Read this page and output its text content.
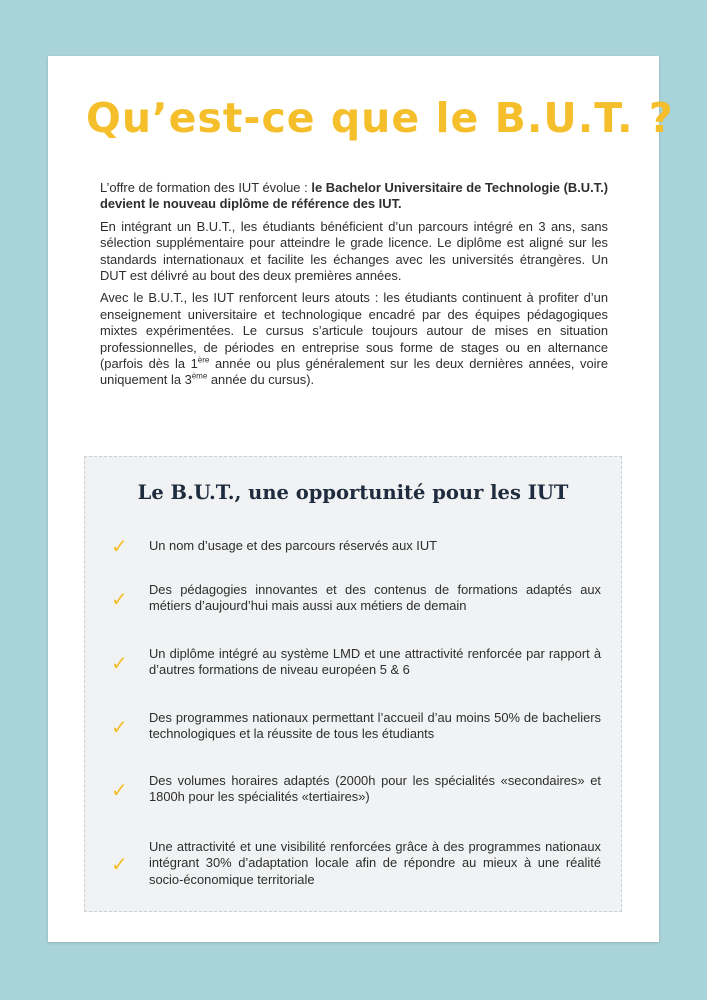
Qu’est-ce que le B.U.T. ?

L’offre de formation des IUT évolue : le Bachelor Universitaire de Technologie (B.U.T.) devient le nouveau diplôme de référence des IUT.

En intégrant un B.U.T., les étudiants bénéficient d’un parcours intégré en 3 ans, sans sélection supplémentaire pour atteindre le grade licence. Le diplôme est aligné sur les standards internationaux et facilite les échanges avec les universités étrangères. Un DUT est délivré au bout des deux premières années.

Avec le B.U.T., les IUT renforcent leurs atouts : les étudiants continuent à profiter d’un enseignement universitaire et technologique encadré par des équipes pédagogiques mixtes expérimentées. Le cursus s’articule toujours autour de mises en situation professionnelles, de périodes en entreprise sous forme de stages ou en alternance (parfois dès la 1ère année ou plus généralement sur les deux dernières années, voire uniquement la 3ème année du cursus).

Le B.U.T., une opportunité pour les IUT
✓ Un nom d’usage et des parcours réservés aux IUT
✓ Des pédagogies innovantes et des contenus de formations adaptés aux métiers d’aujourd’hui mais aussi aux métiers de demain
✓ Un diplôme intégré au système LMD et une attractivité renforcée par rapport à d’autres formations de niveau européen 5 & 6
✓ Des programmes nationaux permettant l’accueil d’au moins 50% de bacheliers technologiques et la réussite de tous les étudiants
✓ Des volumes horaires adaptés (2000h pour les spécialités «secondaires» et 1800h pour les spécialités «tertiaires»)
✓
Une attractivité et une visibilité renforcées grâce à des programmes nationaux intégrant 30% d’adaptation locale afin de répondre au mieux à une réalité socio-économique territoriale
